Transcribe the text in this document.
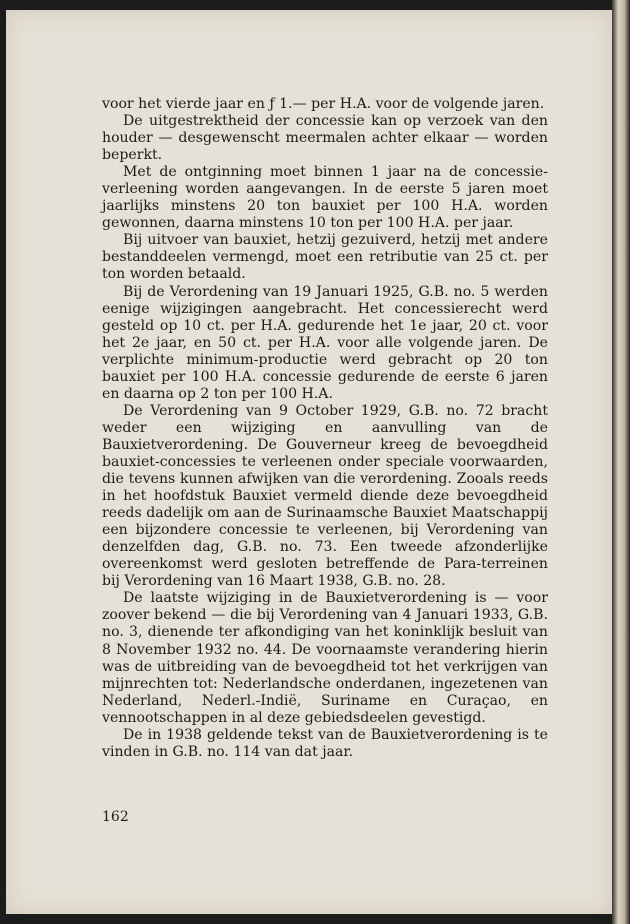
voor het vierde jaar en ƒ 1.— per H.A. voor de volgende jaren.

De uitgestrektheid der concessie kan op verzoek van den houder — desgewenscht meermalen achter elkaar — worden beperkt.

Met de ontginning moet binnen 1 jaar na de concessie-verleening worden aangevangen. In de eerste 5 jaren moet jaarlijks minstens 20 ton bauxiet per 100 H.A. worden gewonnen, daarna minstens 10 ton per 100 H.A. per jaar.

Bij uitvoer van bauxiet, hetzij gezuiverd, hetzij met andere bestanddeelen vermengd, moet een retributie van 25 ct. per ton worden betaald.

Bij de Verordening van 19 Januari 1925, G.B. no. 5 werden eenige wijzigingen aangebracht. Het concessierecht werd gesteld op 10 ct. per H.A. gedurende het 1e jaar, 20 ct. voor het 2e jaar, en 50 ct. per H.A. voor alle volgende jaren. De verplichte minimum-productie werd gebracht op 20 ton bauxiet per 100 H.A. concessie gedurende de eerste 6 jaren en daarna op 2 ton per 100 H.A.

De Verordening van 9 October 1929, G.B. no. 72 bracht weder een wijziging en aanvulling van de Bauxietverordening. De Gouverneur kreeg de bevoegdheid bauxiet-concessies te verleenen onder speciale voorwaarden, die tevens kunnen afwijken van die verordening. Zooals reeds in het hoofdstuk Bauxiet vermeld diende deze bevoegdheid reeds dadelijk om aan de Surinaamsche Bauxiet Maatschappij een bijzondere concessie te verleenen, bij Verordening van denzelfden dag, G.B. no. 73. Een tweede afzonderlijke overeenkomst werd gesloten betreffende de Para-terreinen bij Verordening van 16 Maart 1938, G.B. no. 28.

De laatste wijziging in de Bauxietverordening is — voor zoover bekend — die bij Verordening van 4 Januari 1933, G.B. no. 3, dienende ter afkondiging van het koninklijk besluit van 8 November 1932 no. 44. De voornaamste verandering hierin was de uitbreiding van de bevoegdheid tot het verkrijgen van mijnrechten tot: Nederlandsche onderdanen, ingezetenen van Nederland, Nederl.-Indië, Suriname en Curaçao, en vennootschappen in al deze gebiedsdeelen gevestigd.

De in 1938 geldende tekst van de Bauxietverordening is te vinden in G.B. no. 114 van dat jaar.

162
